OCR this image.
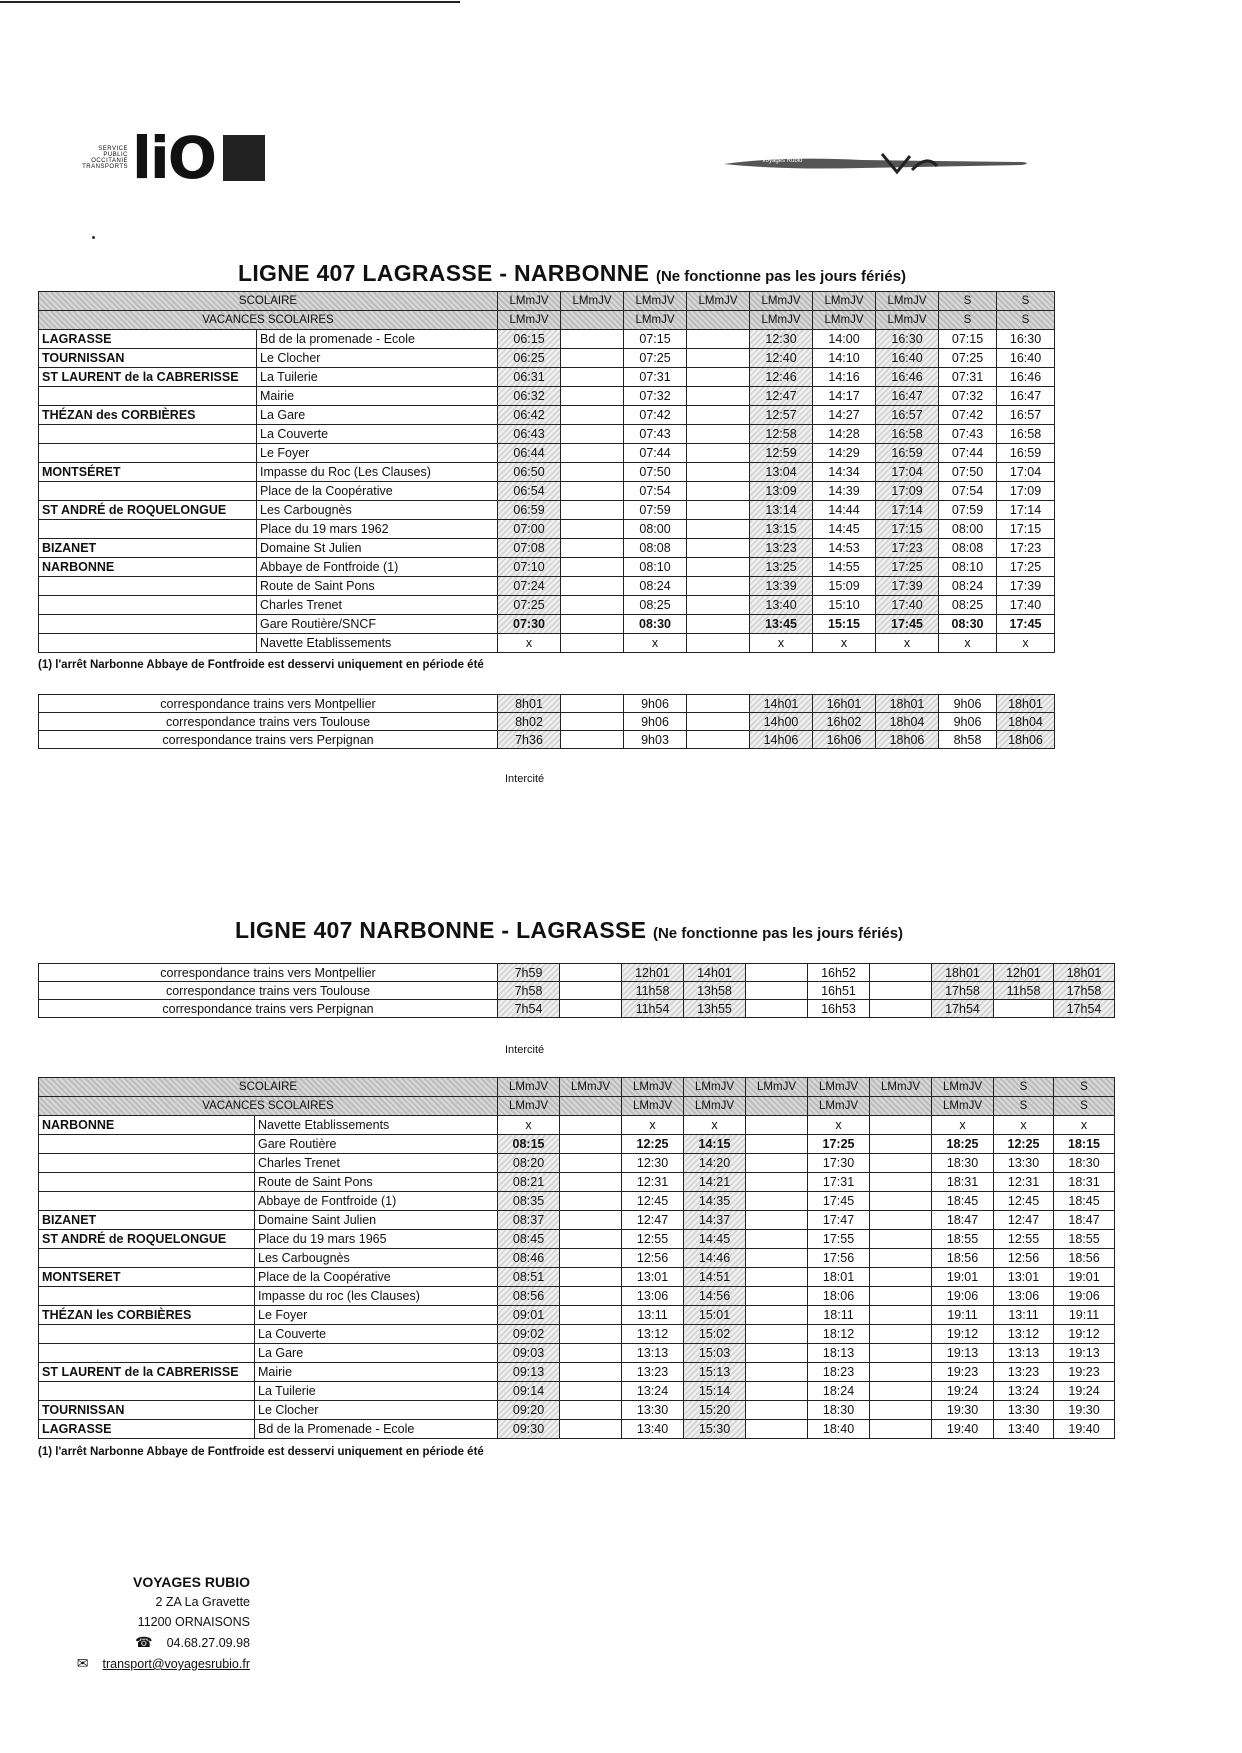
SERVICE
PUBLIC
OCCITANIE
TRANSPORTS liO	Voyages Rubio
LIGNE 407 LAGRASSE - NARBONNE (Ne fonctionne pas les jours fériés)
SCOLAIRE		LMmJV	LMmJV	LMmJV	LMmJV	LMmJV	LMmJV	LMmJV	S	S
VACANCES SCOLAIRES		LMmJV		LMmJV		LMmJV	LMmJV	LMmJV	S	S
LAGRASSE	Bd de la promenade - Ecole	06:15		07:15		12:30	14:00	16:30	07:15	16:30
TOURNISSAN	Le Clocher	06:25		07:25		12:40	14:10	16:40	07:25	16:40
ST LAURENT de la CABRERISSE	La Tuilerie	06:31		07:31		12:46	14:16	16:46	07:31	16:46
	Mairie	06:32		07:32		12:47	14:17	16:47	07:32	16:47
THÉZAN des CORBIÈRES	La Gare	06:42		07:42		12:57	14:27	16:57	07:42	16:57
	La Couverte	06:43		07:43		12:58	14:28	16:58	07:43	16:58
	Le Foyer	06:44		07:44		12:59	14:29	16:59	07:44	16:59
MONTSÉRET	Impasse du Roc (Les Clauses)	06:50		07:50		13:04	14:34	17:04	07:50	17:04
	Place de la Coopérative	06:54		07:54		13:09	14:39	17:09	07:54	17:09
ST ANDRÉ de ROQUELONGUE	Les Carbougnès	06:59		07:59		13:14	14:44	17:14	07:59	17:14
	Place du 19 mars 1962	07:00		08:00		13:15	14:45	17:15	08:00	17:15
BIZANET	Domaine St Julien	07:08		08:08		13:23	14:53	17:23	08:08	17:23
NARBONNE	Abbaye de Fontfroide (1)	07:10		08:10		13:25	14:55	17:25	08:10	17:25
	Route de Saint Pons	07:24		08:24		13:39	15:09	17:39	08:24	17:39
	Charles Trenet	07:25		08:25		13:40	15:10	17:40	08:25	17:40
	Gare Routière/SNCF	07:30		08:30		13:45	15:15	17:45	08:30	17:45
	Navette Etablissements	x		x		x	x	x	x	x
(1) l'arrêt Narbonne Abbaye de Fontfroide est desservi uniquement en période été
correspondance trains vers Montpellier	8h01		9h06		14h01	16h01	18h01	9h06	18h01
correspondance trains vers Toulouse	8h02		9h06		14h00	16h02	18h04	9h06	18h04
correspondance trains vers Perpignan	7h36		9h03		14h06	16h06	18h06	8h58	18h06
Intercité
LIGNE 407 NARBONNE - LAGRASSE (Ne fonctionne pas les jours fériés)
correspondance trains vers Montpellier	7h59		12h01	14h01		16h52		18h01	12h01	18h01
correspondance trains vers Toulouse	7h58		11h58	13h58		16h51		17h58	11h58	17h58
correspondance trains vers Perpignan	7h54		11h54	13h55		16h53		17h54		17h54
Intercité
SCOLAIRE		LMmJV	LMmJV	LMmJV	LMmJV	LMmJV	LMmJV	LMmJV	LMmJV	S	S
VACANCES SCOLAIRES		LMmJV		LMmJV	LMmJV		LMmJV		LMmJV	S	S
NARBONNE	Navette Etablissements	x		x	x		x		x	x	x
	Gare Routière	08:15		12:25	14:15		17:25		18:25	12:25	18:15
	Charles Trenet	08:20		12:30	14:20		17:30		18:30	13:30	18:30
	Route de Saint Pons	08:21		12:31	14:21		17:31		18:31	12:31	18:31
	Abbaye de Fontfroide (1)	08:35		12:45	14:35		17:45		18:45	12:45	18:45
BIZANET	Domaine Saint Julien	08:37		12:47	14:37		17:47		18:47	12:47	18:47
ST ANDRÉ de ROQUELONGUE	Place du 19 mars 1965	08:45		12:55	14:45		17:55		18:55	12:55	18:55
	Les Carbougnès	08:46		12:56	14:46		17:56		18:56	12:56	18:56
MONTSERET	Place de la Coopérative	08:51		13:01	14:51		18:01		19:01	13:01	19:01
	Impasse du roc (les Clauses)	08:56		13:06	14:56		18:06		19:06	13:06	19:06
THÉZAN les CORBIÈRES	Le Foyer	09:01		13:11	15:01		18:11		19:11	13:11	19:11
	La Couverte	09:02		13:12	15:02		18:12		19:12	13:12	19:12
	La Gare	09:03		13:13	15:03		18:13		19:13	13:13	19:13
ST LAURENT de la CABRERISSE	Mairie	09:13		13:23	15:13		18:23		19:23	13:23	19:23
	La Tuilerie	09:14		13:24	15:14		18:24		19:24	13:24	19:24
TOURNISSAN	Le Clocher	09:20		13:30	15:20		18:30		19:30	13:30	19:30
LAGRASSE	Bd de la Promenade - Ecole	09:30		13:40	15:30		18:40		19:40	13:40	19:40
(1) l'arrêt Narbonne Abbaye de Fontfroide est desservi uniquement en période été
VOYAGES RUBIO
2 ZA La Gravette
11200 ORNAISONS
☎ 04.68.27.09.98
✉ transport@voyagesrubio.fr
